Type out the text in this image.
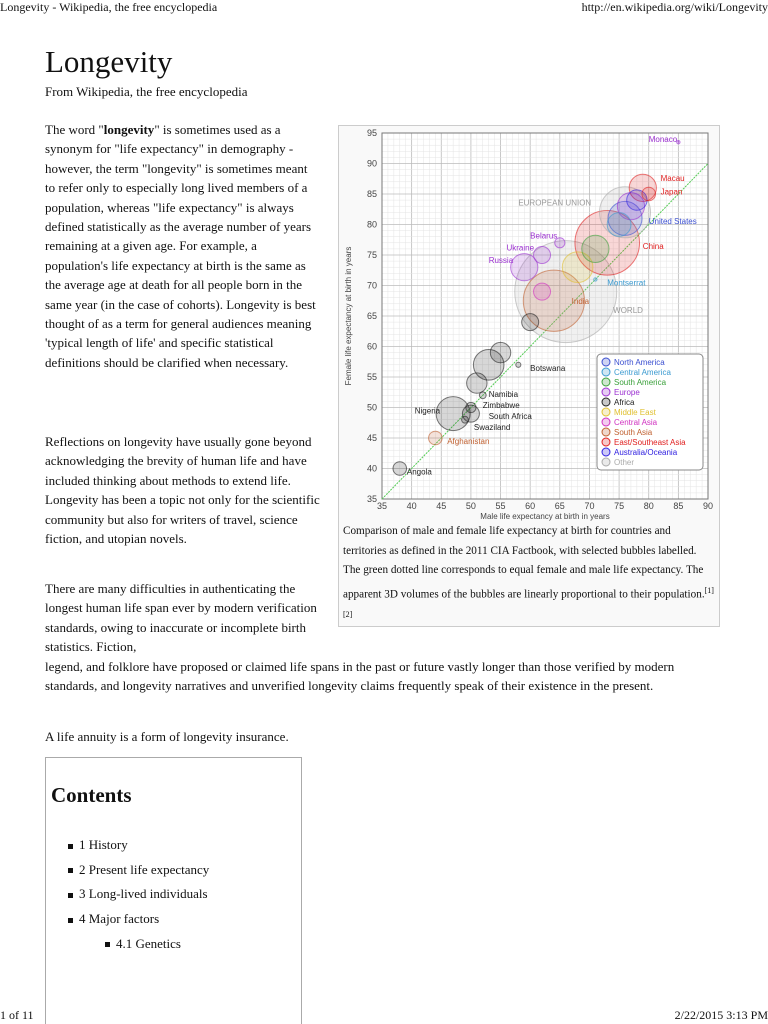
Longevity - Wikipedia, the free encyclopedia	http://en.wikipedia.org/wiki/Longevity
Longevity
From Wikipedia, the free encyclopedia

The word "longevity" is sometimes used as a synonym for "life expectancy" in demography - however, the term "longevity" is sometimes meant to refer only to especially long lived members of a population, whereas "life expectancy" is always defined statistically as the average number of years remaining at a given age. For example, a population's life expectancy at birth is the same as the average age at death for all people born in the same year (in the case of cohorts). Longevity is best thought of as a term for general audiences meaning 'typical length of life' and specific statistical definitions should be clarified when necessary.

Reflections on longevity have usually gone beyond acknowledging the brevity of human life and have included thinking about methods to extend life. Longevity has been a topic not only for the scientific community but also for writers of travel, science fiction, and utopian novels.

There are many difficulties in authenticating the longest human life span ever by modern verification standards, owing to inaccurate or incomplete birth statistics. Fiction,

legend, and folklore have proposed or claimed life spans in the past or future vastly longer than those verified by modern standards, and longevity narratives and unverified longevity claims frequently speak of their existence in the present.

A life annuity is a form of longevity insurance.

35 40 45 50 55 60 65 70 75 80 85 90
35
40
45
50
55
60
65
70
75
80
85
90
95
Male life expectancy at birth in years
Female life expectancy at birth in years	WORLD
India
China
EUROPEAN UNION
United States
Monaco,
Macau
Japan
Belarus
Ukraine
Russia
Montserrat
Botswana
Namibia
Zimbabwe
South Africa
Swaziland
Nigeria
Afghanistan
Angola
North America
Central America
South America
Europe
Africa
Middle East
Central Asia
South Asia
East/Southeast Asia
Australia/Oceania
Other
Comparison of male and female life expectancy at birth for countries and territories as defined in the 2011 CIA Factbook, with selected bubbles labelled. The green dotted line corresponds to equal female and male life expectancy. The apparent 3D volumes of the bubbles are linearly proportional to their population.[1][2]
Contents
1 History
2 Present life expectancy
3 Long-lived individuals
4 Major factors
4.1 Genetics
1 of 11	2/22/2015 3:13 PM
